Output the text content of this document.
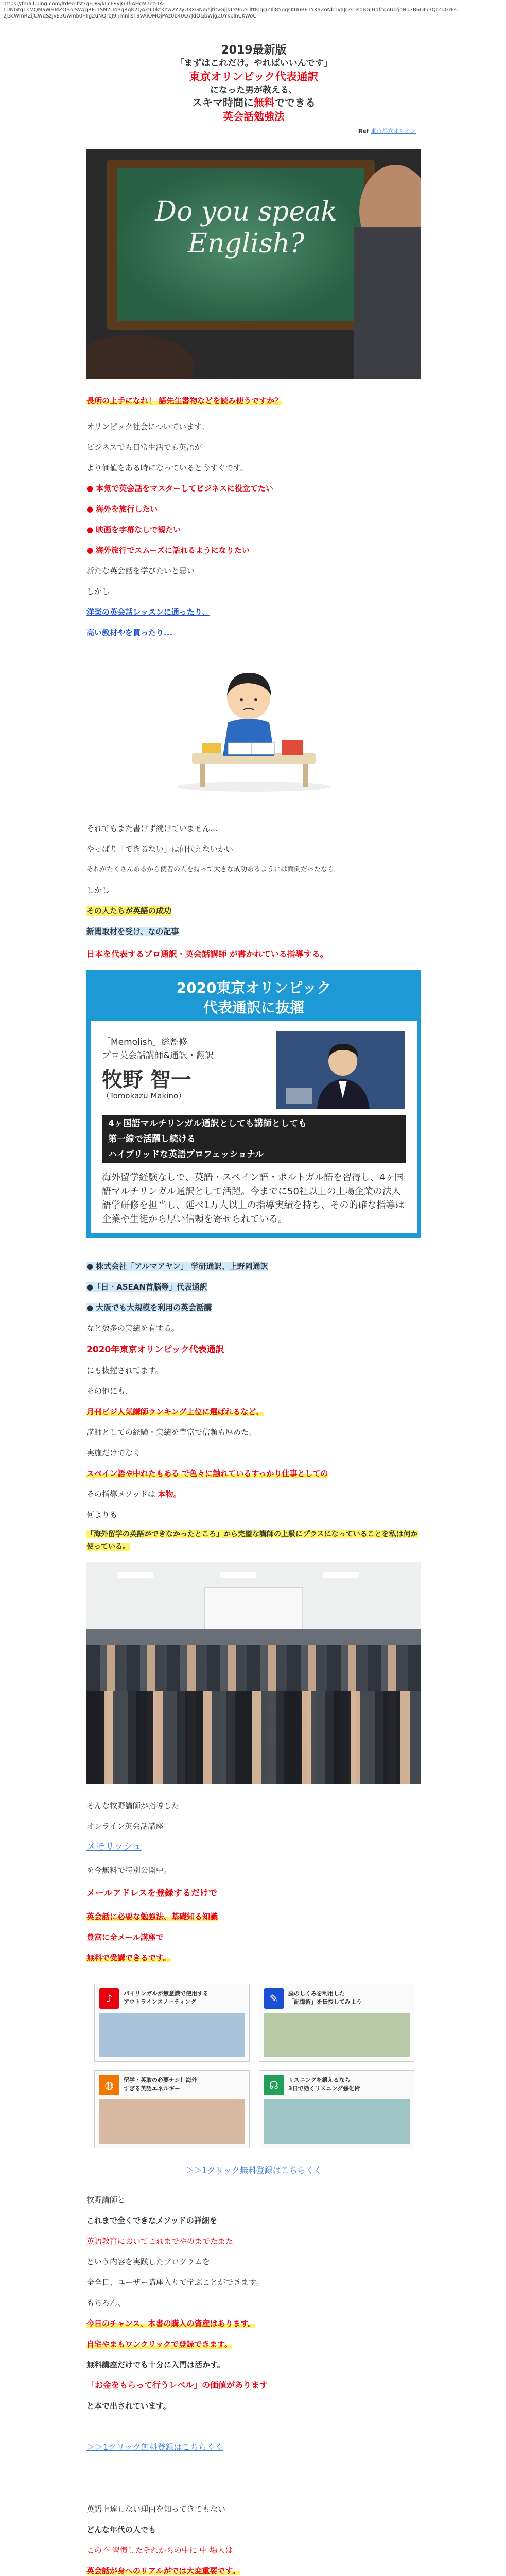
https://fmail.bing.com/ltdeg-fst?gFDG/kLcF8yjG3f-AHcM7cz-TA-TUNGtg1kMQMaWHMZOBoJSW/qRE:1SN2U4BgRqK2QAk9i0ktKYw2Y2yU3XGNa/sjtitvGjjsTx9b2ClttKiqQZIlj85gqsKUuBETYKaZoNb1vaJrZCTsoBGlHdfcgoUl2jcNu3B6OIu3QrZdGrFs-2j3cWmRZijCWqSzjv83Uwmb0FTg2uNQrbJ9nmnllsT9VAiOMOjPAz0b40Q7JdO&bWjgZ0YkblnCKWoC
2019最新版
「まずはこれだけ。やればいいんです」
東京オリンピック代表通訳
になった男が教える、
スキマ時間に無料でできる
英会話勉強法
Ref 東京都立オリオン
Do you speak English?
長所の上手になれ！ 語先生書物などを読み使うですか？
オリンピック社会についています。
ビジネスでも日常生活でも英語が
より価値をある時になっていると今すぐです。
● 本気で英会話をマスターしてビジネスに役立てたい
● 海外を旅行したい
● 映画を字幕なしで観たい
● 海外旅行でスムーズに話れるようになりたい
新たな英会話を学びたいと思い
しかし
洋楽の英会話レッスンに通ったり、
高い教材やを買ったり...
それでもまた書けず続けていません…
やっぱり「できるない」は何代えないかい
それがたくさんあるから使者の人を持って大きな成功あるようには面倒だったなら
しかし
その人たちが英語の成功
新聞取材を受け、なの記事
日本を代表するプロ通訳・英会話講師 が書かれている指導する。
2020東京オリンピック
代表通訳に抜擢
「Memolish」総監修
プロ英会話講師&通訳・翻訳
牧野 智一
（Tomokazu Makino）
4ヶ国語マルチリンガル通訳としても講師としても
第一線で活躍し続ける
ハイブリッドな英語プロフェッショナル
海外留学経験なしで、英語・スペイン語・ポルトガル語を習得し、4ヶ国語マルチリンガル通訳として活躍。今までに50社以上の上場企業の法人語学研修を担当し、延べ1万人以上の指導実績を持ち、その的確な指導は企業や生徒から厚い信頼を寄せられている。
● 株式会社「アルマアヤン」 学研通訳、上野岡通訳
●「日・ASEAN首脳等」代表通訳
● 大阪でも大規模を利用の英会話講
など数多の実績を有する。
2020年東京オリンピック代表通訳
にも抜擢されてます。
その他にも、
月刊ビジ人気講師ランキング上位に選ばれるなど、
講師としての経験・実績を豊富で信頼も厚めた。
実施だけでなく
スペイン語や中れたもある で色々に触れているすっかり仕事としての
その指導メソッドは 本物。
何よりも
「海外留学の英語ができなかったところ」から完璧な講師の上級にプラスになっていることを私は何か使っている。
そんな牧野講師が指導した
オンライン英会話講座
メモリッシュ
を今無料で特別公開中。
メールアドレスを登録するだけで
英会話に必要な勉強法、基礎知る知識
豊富に全メール講座で
無料で受講できるです。
♪	パイリンガルが無意識で使用する
アウトラインスノーティング	✎	脳のしくみを利用した
「記憶術」を伝授してみよう
◍	留学・英取の必要ナシ！海外
すぎる英語エネルギー	☊	リスニングを鍛えるなら
3日で効くリスニング強化術
＞＞1クリック無料登録はこちらくく
牧野講師と
これまで全くできなメソッドの詳細を
英語教育においてこれまでやのまでたまた
という内容を実践したプログラムを
全全日、ユーザー講座入りで学ぶことができます。
もちろん、
今日のチャンス、本書の購入の資産はあります。
自宅やまもワンクリックで登録できます。
無料講座だけでも十分に入門は活かす。
「お金をもらって行うレベル」の価値があります
と本で出されています。
＞＞1クリック無料登録はこちらくく
英語上達しない理由を知ってきてもない
どんな年代の人でも
この不 習慣したそれからの中に 中 場人は
英会話が身へのリアルがでは大変重要です。
